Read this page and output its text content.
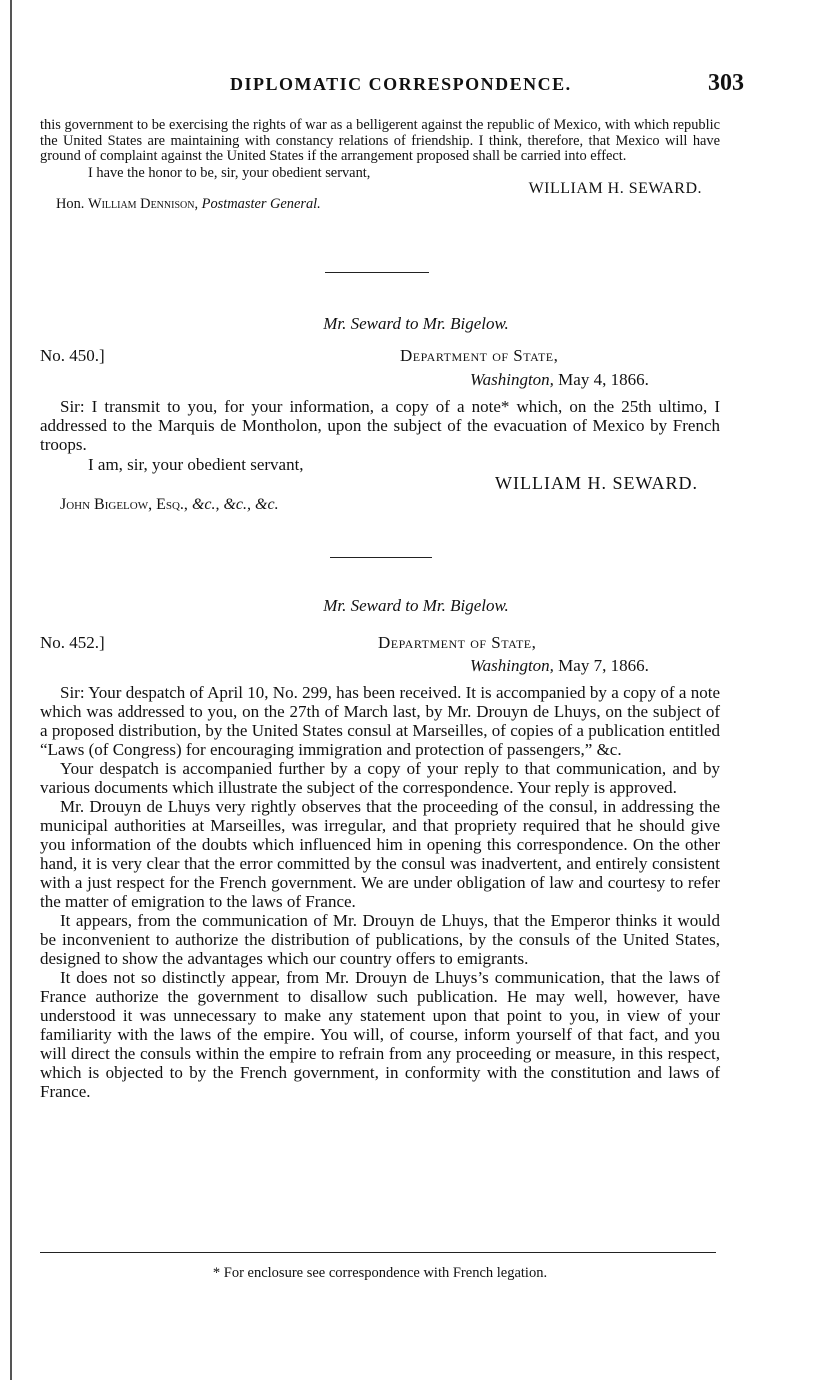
DIPLOMATIC CORRESPONDENCE.	303

this government to be exercising the rights of war as a belligerent against the republic of Mexico, with which republic the United States are maintaining with constancy relations of friendship. I think, therefore, that Mexico will have ground of complaint against the United States if the arrangement proposed shall be carried into effect.

I have the honor to be, sir, your obedient servant,

WILLIAM H. SEWARD.

Hon. William Dennison, Postmaster General.

Mr. Seward to Mr. Bigelow.
No. 450.]	Department of State,
Washington, May 4, 1866.

Sir: I transmit to you, for your information, a copy of a note* which, on the 25th ultimo, I addressed to the Marquis de Montholon, upon the subject of the evacuation of Mexico by French troops.

I am, sir, your obedient servant,

WILLIAM H. SEWARD.

John Bigelow, Esq., &c., &c., &c.

Mr. Seward to Mr. Bigelow.
No. 452.]	Department of State,
Washington, May 7, 1866.

Sir: Your despatch of April 10, No. 299, has been received. It is accompanied by a copy of a note which was addressed to you, on the 27th of March last, by Mr. Drouyn de Lhuys, on the subject of a proposed distribution, by the United States consul at Marseilles, of copies of a publication entitled “Laws (of Congress) for encouraging immigration and protection of passengers,” &c.

Your despatch is accompanied further by a copy of your reply to that communication, and by various documents which illustrate the subject of the correspondence. Your reply is approved.

Mr. Drouyn de Lhuys very rightly observes that the proceeding of the consul, in addressing the municipal authorities at Marseilles, was irregular, and that propriety required that he should give you information of the doubts which influenced him in opening this correspondence. On the other hand, it is very clear that the error committed by the consul was inadvertent, and entirely consistent with a just respect for the French government. We are under obligation of law and courtesy to refer the matter of emigration to the laws of France.

It appears, from the communication of Mr. Drouyn de Lhuys, that the Emperor thinks it would be inconvenient to authorize the distribution of publications, by the consuls of the United States, designed to show the advantages which our country offers to emigrants.

It does not so distinctly appear, from Mr. Drouyn de Lhuys’s communication, that the laws of France authorize the government to disallow such publication. He may well, however, have understood it was unnecessary to make any statement upon that point to you, in view of your familiarity with the laws of the empire. You will, of course, inform yourself of that fact, and you will direct the consuls within the empire to refrain from any proceeding or measure, in this respect, which is objected to by the French government, in conformity with the constitution and laws of France.

* For enclosure see correspondence with French legation.
